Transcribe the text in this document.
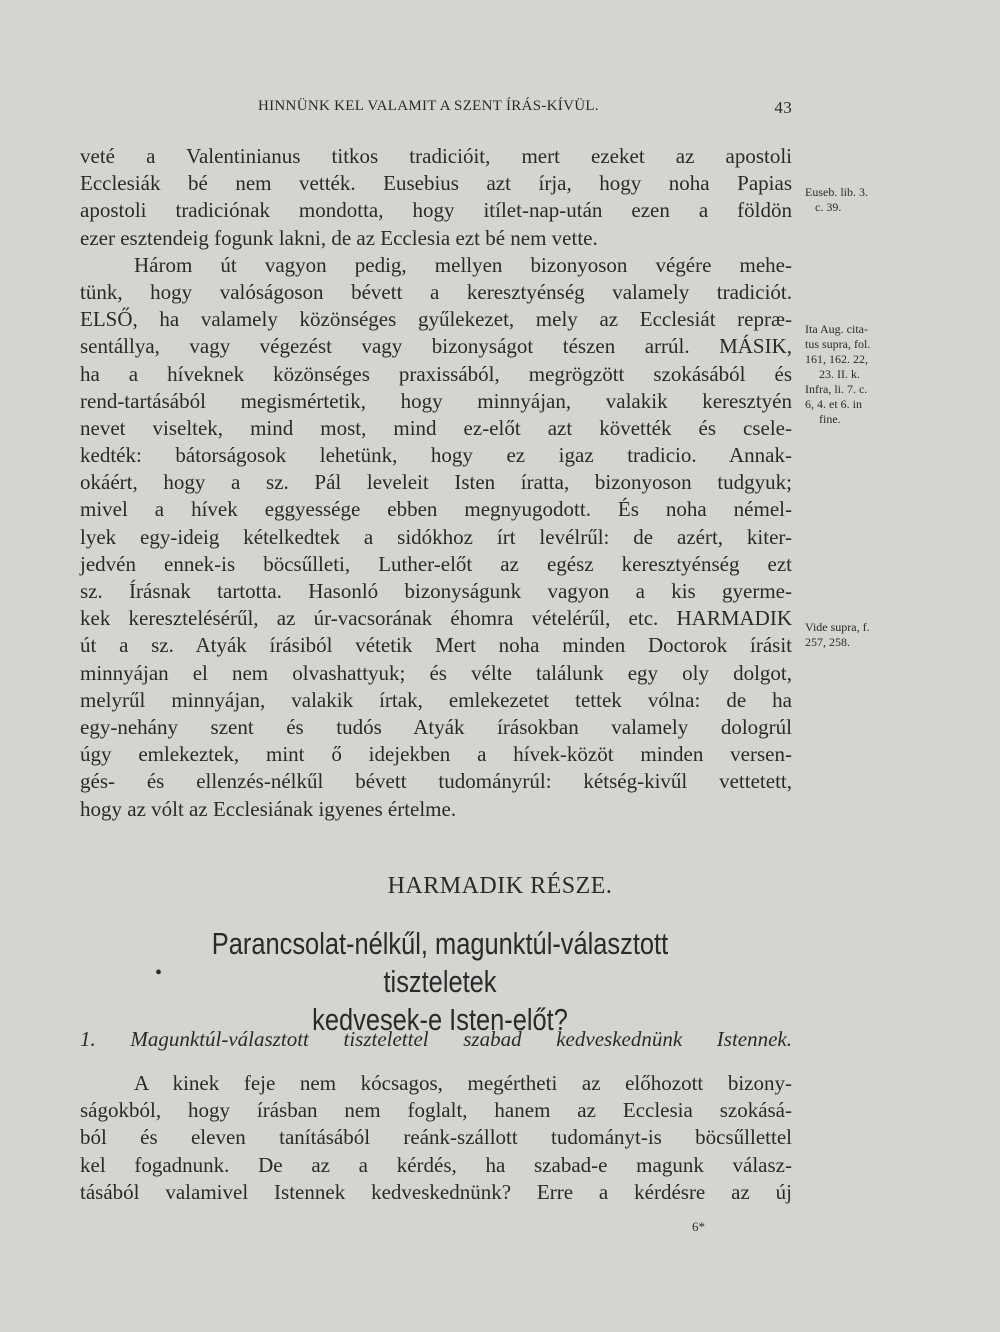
HINNÜNK KEL VALAMIT A SZENT ÍRÁS-KÍVÜL.	43
veté a Valentinianus titkos tradicióit, mert ezeket az apostoli
Ecclesiák bé nem vették. Eusebius azt írja, hogy noha Papias
apostoli tradiciónak mondotta, hogy itílet-nap-után ezen a földön
ezer esztendeig fogunk lakni, de az Ecclesia ezt bé nem vette.
Három út vagyon pedig, mellyen bizonyoson végére mehe-
tünk, hogy valóságoson bévett a keresztyénség valamely tradiciót.
ELSŐ, ha valamely közönséges gyűlekezet, mely az Ecclesiát repræ-
sentállya, vagy végezést vagy bizonyságot tészen arrúl. MÁSIK,
ha a híveknek közönséges praxissából, megrögzött szokásából és
rend-tartásából megismértetik, hogy minnyájan, valakik keresztyén
nevet viseltek, mind most, mind ez-előt azt követték és csele-
kedték: bátorságosok lehetünk, hogy ez igaz tradicio. Annak-
okáért, hogy a sz. Pál leveleit Isten íratta, bizonyoson tudgyuk;
mivel a hívek eggyessége ebben megnyugodott. És noha némel-
lyek egy-ideig kételkedtek a sidókhoz írt levélrűl: de azért, kiter-
jedvén ennek-is böcsűlleti, Luther-előt az egész keresztyénség ezt
sz. Írásnak tartotta. Hasonló bizonyságunk vagyon a kis gyerme-
kek keresztelésérűl, az úr-vacsorának éhomra vételérűl, etc. HARMADIK
út a sz. Atyák írásiból vétetik Mert noha minden Doctorok írásit
minnyájan el nem olvashattyuk; és vélte találunk egy oly dolgot,
melyrűl minnyájan, valakik írtak, emlekezetet tettek vólna: de ha
egy-nehány szent és tudós Atyák írásokban valamely dologrúl
úgy emlekeztek, mint ő idejekben a hívek-közöt minden versen-
gés- és ellenzés-nélkűl bévett tudományrúl: kétség-kivűl vettetett,
hogy az vólt az Ecclesiának igyenes értelme.
Euseb. lib. 3.
c. 39.
Ita Aug. cita-
tus supra, fol.
161, 162. 22,
23. II. k.
Infra, li. 7. c.
6, 4. et 6. in
fine.
Vide supra, f.
257, 258.
HARMADIK RÉSZE.
Parancsolat-nélkűl, magunktúl-választott tiszteletek
kedvesek-e Isten-előt?
•
1. Magunktúl-választott tisztelettel szabad kedveskednünk Istennek.
A kinek feje nem kócsagos, megértheti az előhozott bizony-
ságokból, hogy írásban nem foglalt, hanem az Ecclesia szokásá-
ból és eleven tanításából reánk-szállott tudományt-is böcsűllettel
kel fogadnunk. De az a kérdés, ha szabad-e magunk válasz-
tásából valamivel Istennek kedveskednünk? Erre a kérdésre az új
6*
